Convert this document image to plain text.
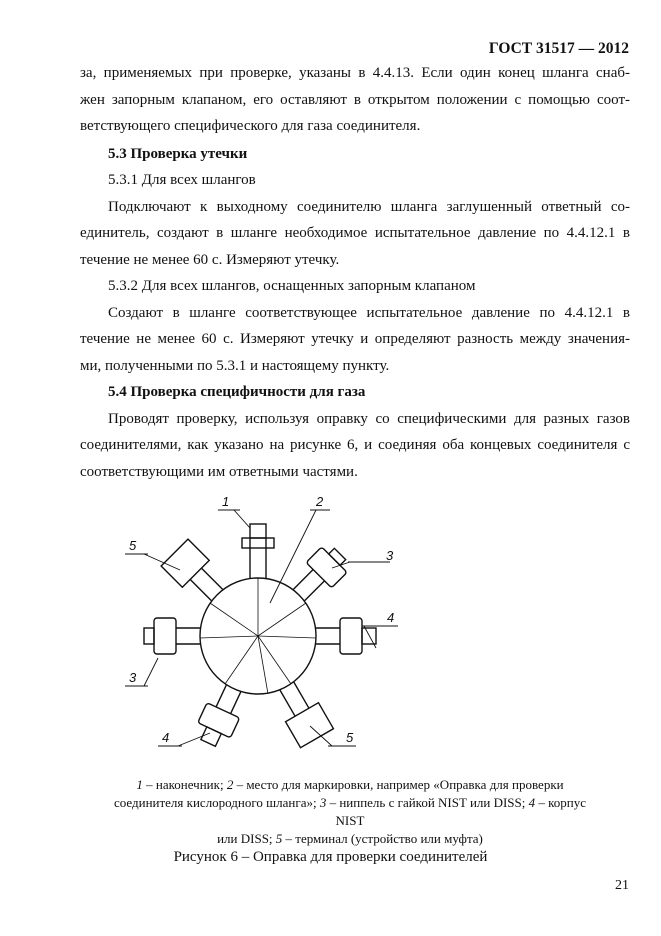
ГОСТ 31517 — 2012
за, применяемых при проверке, указаны в 4.4.13. Если один конец шланга снаб-
жен запорным клапаном, его оставляют в открытом положении с помощью соот-
ветствующего специфического для газа соединителя.
5.3 Проверка утечки
5.3.1 Для всех шлангов
Подключают к выходному соединителю шланга заглушенный ответный со-
единитель, создают в шланге необходимое испытательное давление по 4.4.12.1 в
течение не менее 60 с. Измеряют утечку.
5.3.2 Для всех шлангов, оснащенных запорным клапаном
Создают в шланге соответствующее испытательное давление по 4.4.12.1 в
течение не менее 60 с. Измеряют утечку и определяют разность между значения-
ми, полученными по 5.3.1 и настоящему пункту.
5.4 Проверка специфичности для газа
Проводят проверку, используя оправку со специфическими для разных газов
соединителями, как указано на рисунке 6, и соединяя оба концевых соединителя с
соответствующими им ответными частями.
1	2
3
4
5
3
4	5
1 – наконечник; 2 – место для маркировки, например «Оправка для проверки
соединителя кислородного шланга»; 3 – ниппель с гайкой NIST или DISS; 4 – корпус NIST
или DISS; 5 – терминал (устройство или муфта)
Рисунок 6 – Оправка для проверки соединителей
21
